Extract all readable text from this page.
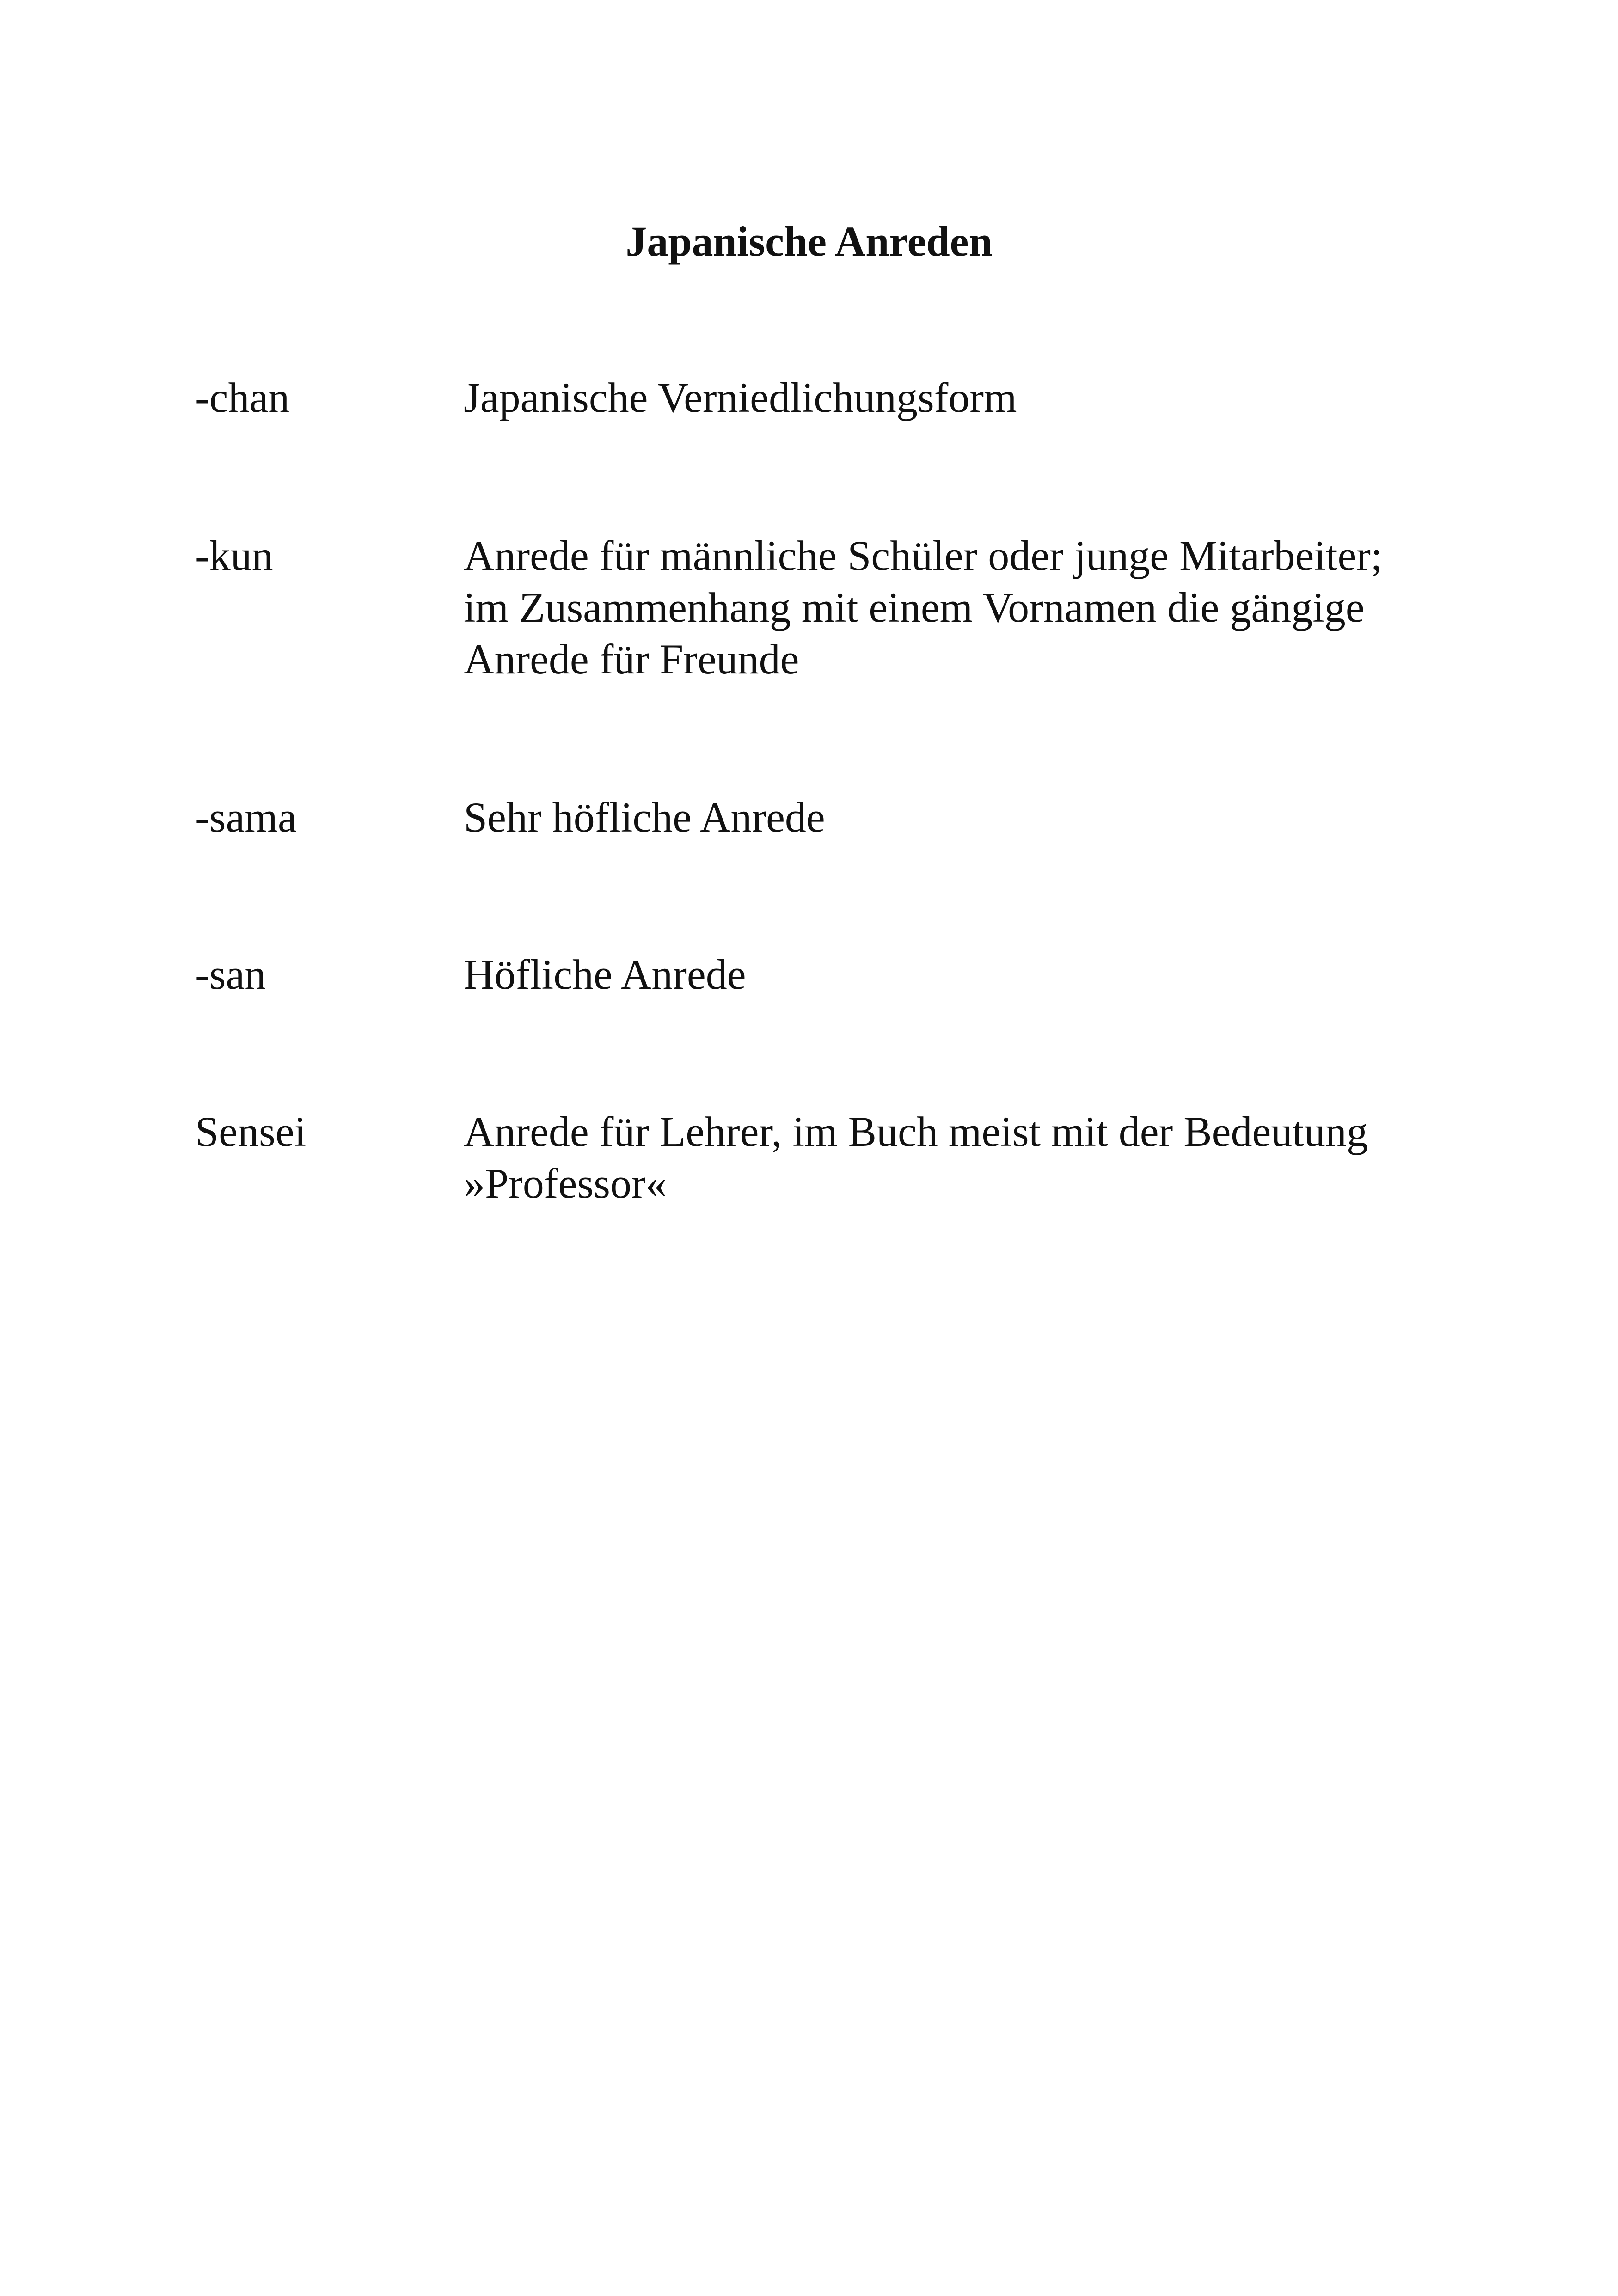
Japanische Anreden
-chan	Japanische Verniedlichungsform
-kun	Anrede für männliche Schüler oder junge Mitarbeiter;
im Zusammenhang mit einem Vornamen die gängige
Anrede für Freunde
-sama	Sehr höfliche Anrede
-san	Höfliche Anrede
Sensei	Anrede für Lehrer, im Buch meist mit der Bedeutung
»Professor«
